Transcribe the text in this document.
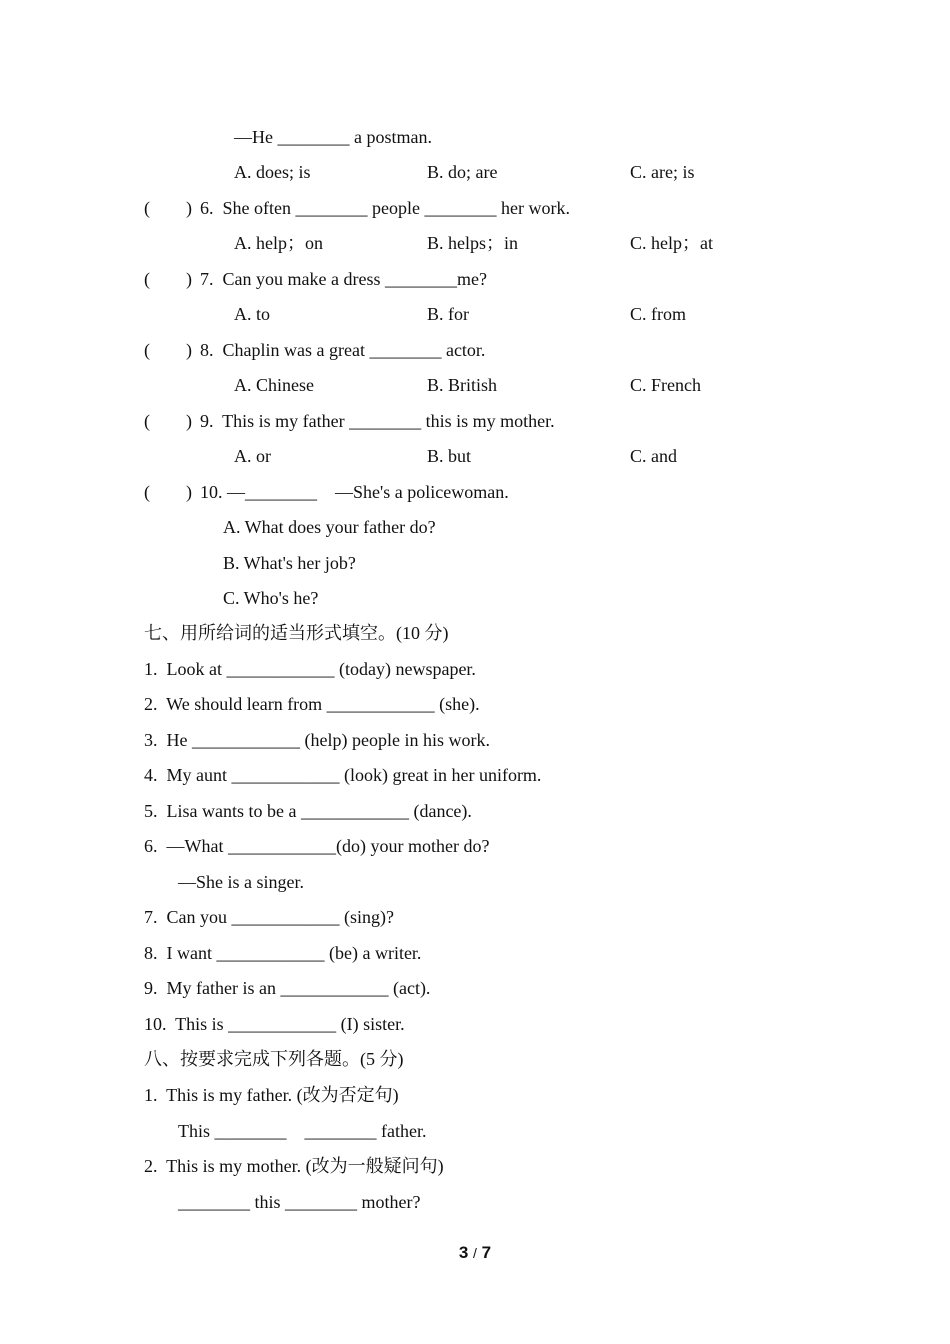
—He ________ a postman.
A. does; is	B. do; are	C. are; is
(        ) 6.  She often ________ people ________ her work.
A. help；on	B. helps；in	C. help；at
(        ) 7.  Can you make a dress ________me?
A. to	B. for	C. from
(        ) 8.  Chaplin was a great ________ actor.
A. Chinese	B. British	C. French
(        ) 9.  This is my father ________ this is my mother.
A. or	B. but	C. and
(        ) 10. —________    —She's a policewoman.
A. What does your father do?
B. What's her job?
C. Who's he?
七、用所给词的适当形式填空。(10 分)
1.  Look at ____________ (today) newspaper.
2.  We should learn from ____________ (she).
3.  He ____________ (help) people in his work.
4.  My aunt ____________ (look) great in her uniform.
5.  Lisa wants to be a ____________ (dance).
6.  —What ____________(do) your mother do?
—She is a singer.
7.  Can you ____________ (sing)?
8.  I want ____________ (be) a writer.
9.  My father is an ____________ (act).
10.  This is ____________ (I) sister.
八、按要求完成下列各题。(5 分)
1.  This is my father. (改为否定句)
This ________    ________ father.
2.  This is my mother. (改为一般疑问句)
________ this ________ mother?
3 / 7
